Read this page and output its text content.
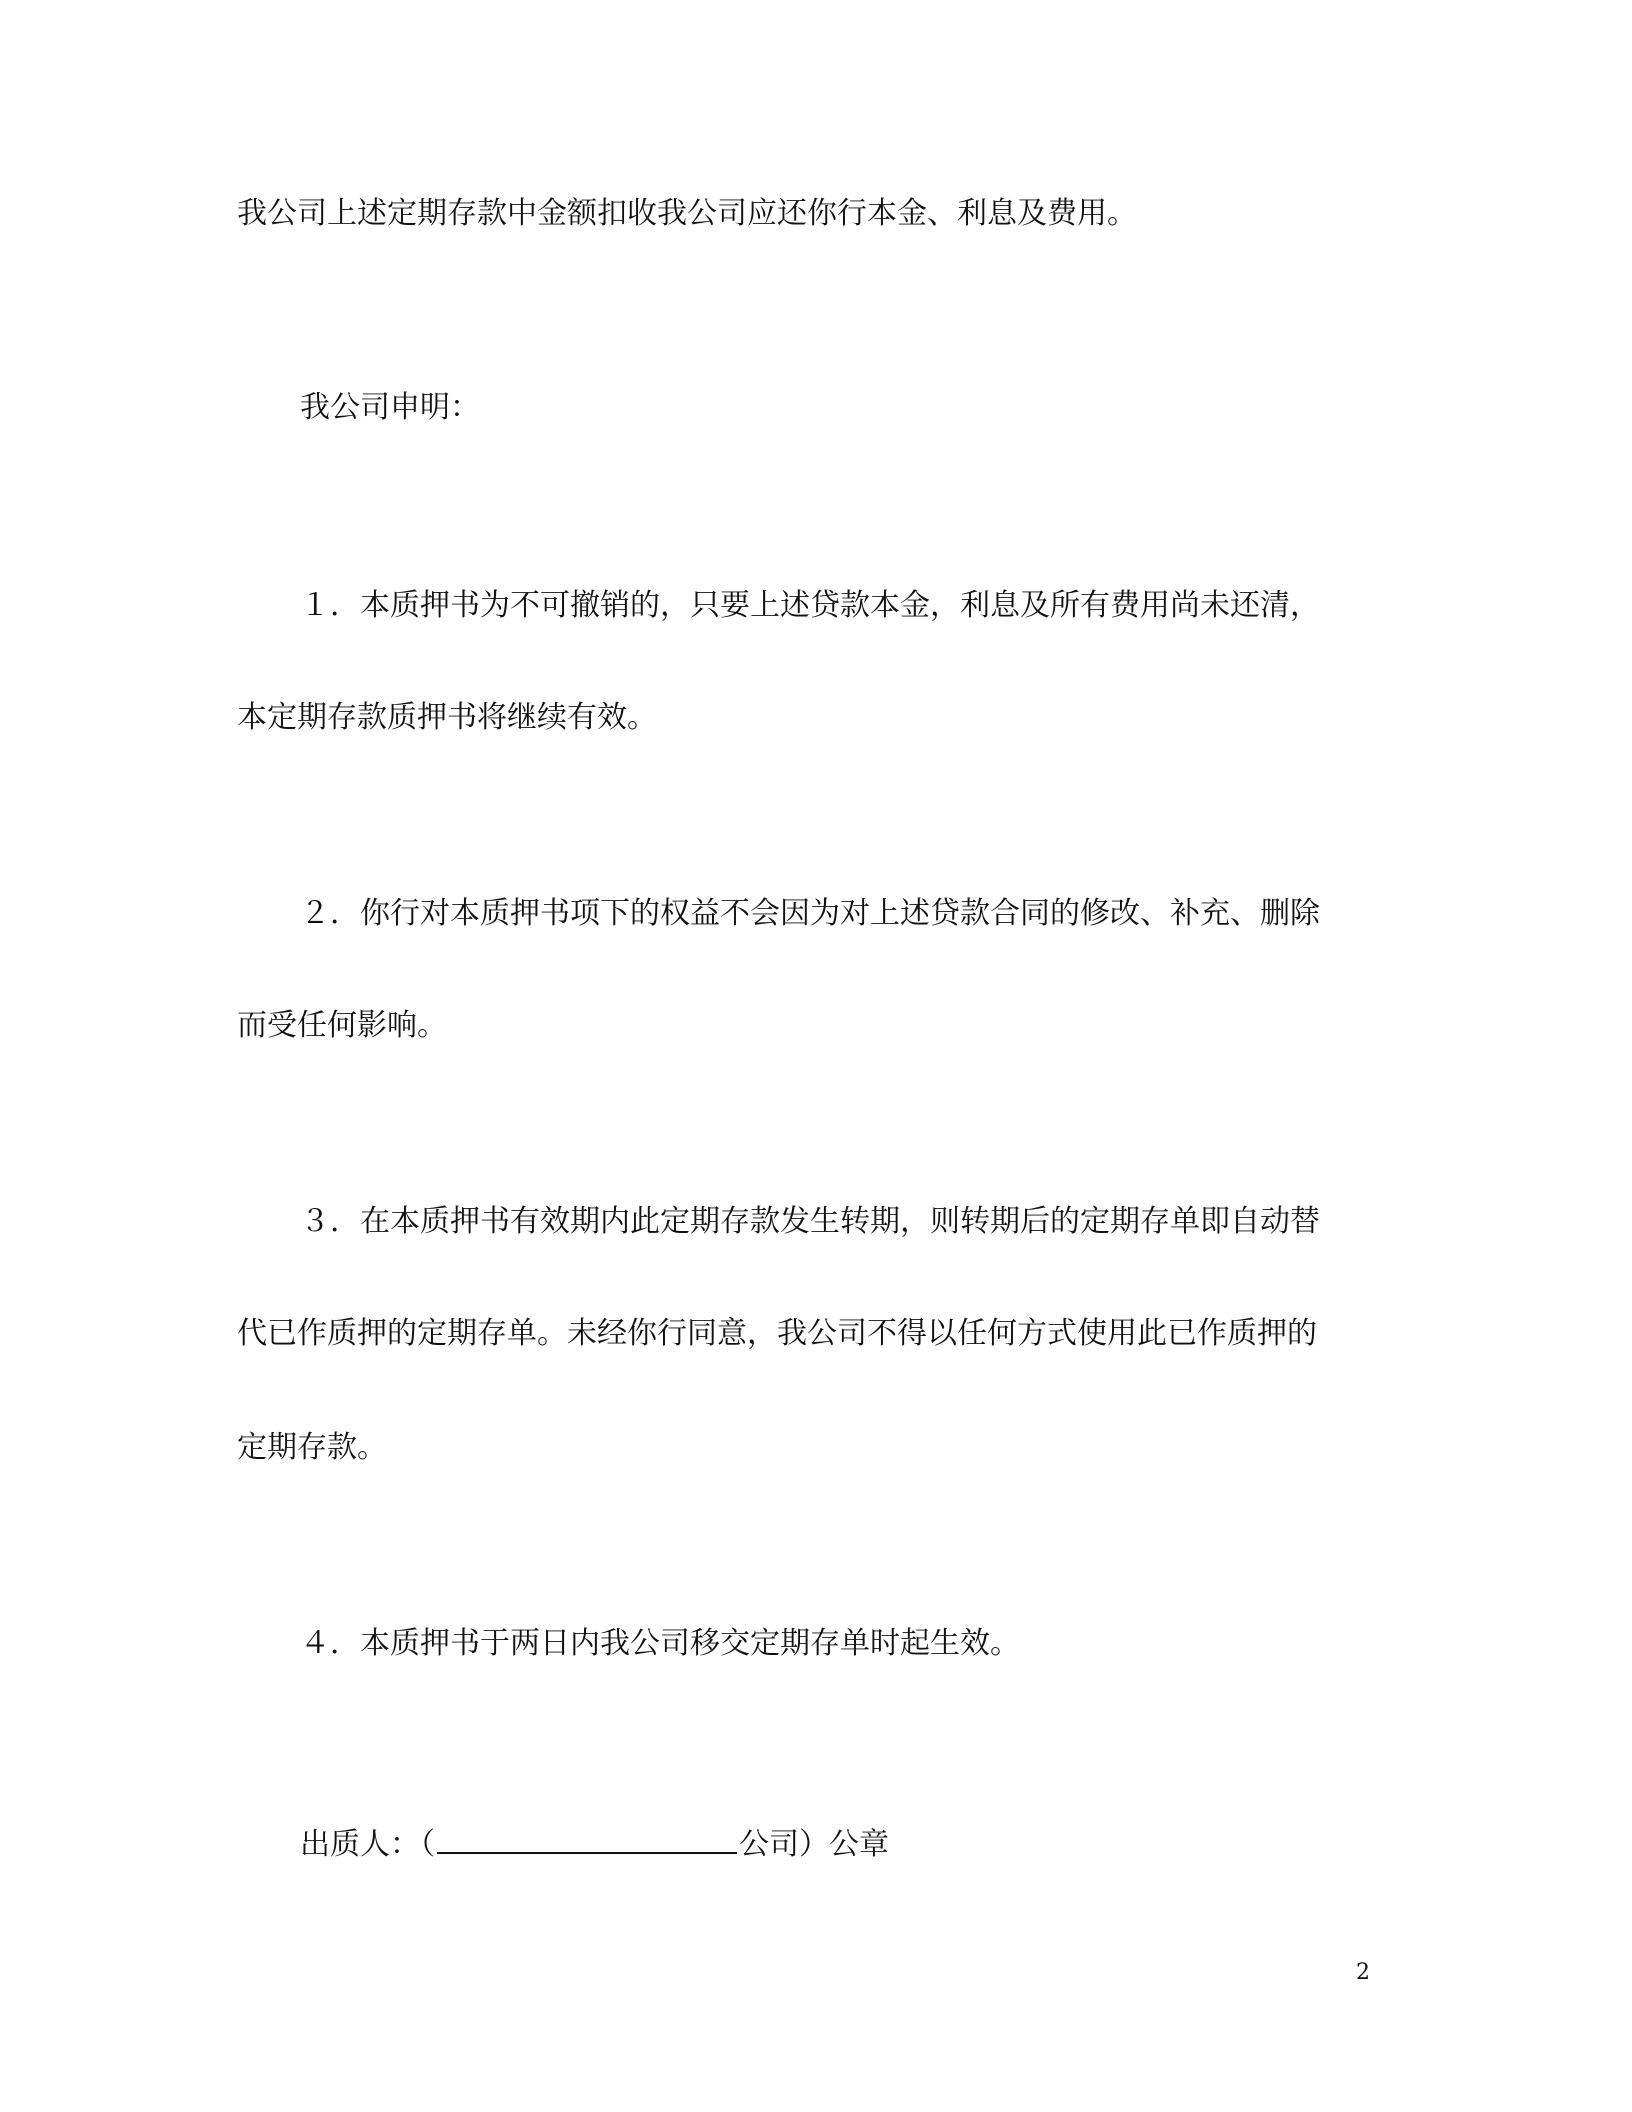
我公司上述定期存款中金额扣收我公司应还你行本金、利息及费用。
我公司申明：
１．本质押书为不可撤销的，只要上述贷款本金，利息及所有费用尚未还清，
本定期存款质押书将继续有效。
２．你行对本质押书项下的权益不会因为对上述贷款合同的修改、补充、删除
而受任何影响。
３．在本质押书有效期内此定期存款发生转期，则转期后的定期存单即自动替
代已作质押的定期存单。未经你行同意，我公司不得以任何方式使用此已作质押的
定期存款。
４．本质押书于两日内我公司移交定期存单时起生效。
出质人：（	公司）公章
2
